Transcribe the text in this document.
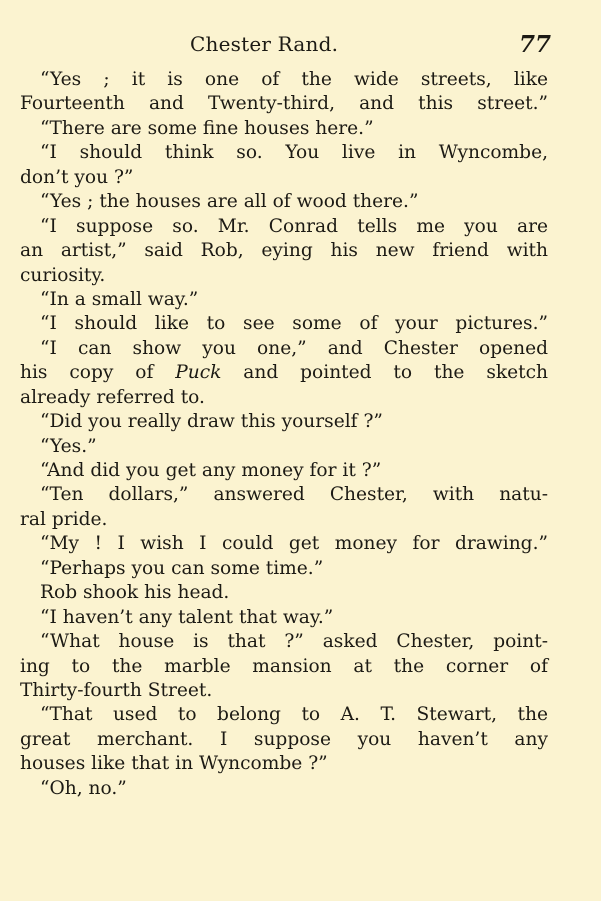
Chester Rand.	77
“Yes ; it is one of the wide streets, like
Fourteenth and Twenty-third, and this street.”
“There are some fine houses here.”
“I should think so. You live in Wyncombe,
don’t you ?”
“Yes ; the houses are all of wood there.”
“I suppose so. Mr. Conrad tells me you are
an artist,” said Rob, eying his new friend with
curiosity.
“In a small way.”
“I should like to see some of your pictures.”
“I can show you one,” and Chester opened
his copy of Puck and pointed to the sketch
already referred to.
“Did you really draw this yourself ?”
“Yes.”
“And did you get any money for it ?”
“Ten dollars,” answered Chester, with natu-
ral pride.
“My ! I wish I could get money for drawing.”
“Perhaps you can some time.”
Rob shook his head.
“I haven’t any talent that way.”
“What house is that ?” asked Chester, point-
ing to the marble mansion at the corner of
Thirty-fourth Street.
“That used to belong to A. T. Stewart, the
great merchant. I suppose you haven’t any
houses like that in Wyncombe ?”
“Oh, no.”
